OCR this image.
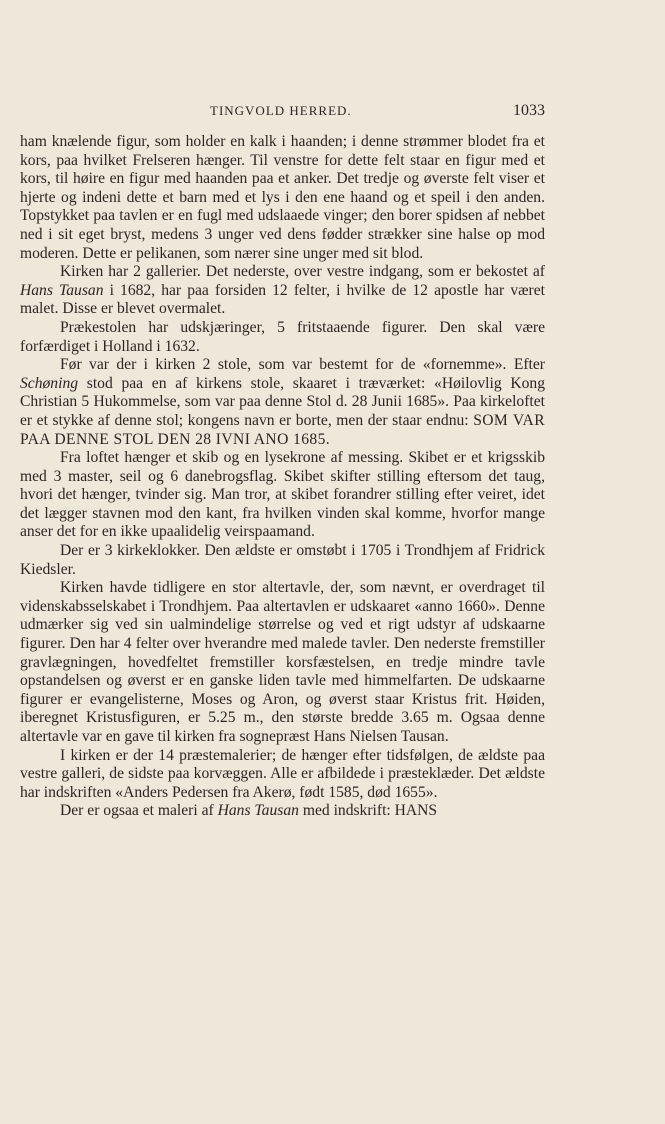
TINGVOLD HERRED.	1033

ham knælende figur, som holder en kalk i haanden; i denne strømmer blodet fra et kors, paa hvilket Frelseren hænger. Til venstre for dette felt staar en figur med et kors, til høire en figur med haanden paa et anker. Det tredje og øverste felt viser et hjerte og indeni dette et barn med et lys i den ene haand og et speil i den anden. Topstykket paa tavlen er en fugl med udslaaede vinger; den borer spidsen af nebbet ned i sit eget bryst, medens 3 unger ved dens fødder strækker sine halse op mod moderen. Dette er pelikanen, som nærer sine unger med sit blod.

Kirken har 2 gallerier. Det nederste, over vestre indgang, som er bekostet af Hans Tausan i 1682, har paa forsiden 12 felter, i hvilke de 12 apostle har været malet. Disse er blevet overmalet.

Prækestolen har udskjæringer, 5 fritstaaende figurer. Den skal være forfærdiget i Holland i 1632.

Før var der i kirken 2 stole, som var bestemt for de «fornemme». Efter Schøning stod paa en af kirkens stole, skaaret i træværket: «Høilovlig Kong Christian 5 Hukommelse, som var paa denne Stol d. 28 Junii 1685». Paa kirkeloftet er et stykke af denne stol; kongens navn er borte, men der staar endnu: SOM VAR PAA DENNE STOL DEN 28 IVNI ANO 1685.

Fra loftet hænger et skib og en lysekrone af messing. Skibet er et krigsskib med 3 master, seil og 6 danebrogsflag. Skibet skifter stilling eftersom det taug, hvori det hænger, tvinder sig. Man tror, at skibet forandrer stilling efter veiret, idet det lægger stavnen mod den kant, fra hvilken vinden skal komme, hvorfor mange anser det for en ikke upaalidelig veirspaamand.

Der er 3 kirkeklokker. Den ældste er omstøbt i 1705 i Trondhjem af Fridrick Kiedsler.

Kirken havde tidligere en stor altertavle, der, som nævnt, er overdraget til videnskabsselskabet i Trondhjem. Paa altertavlen er udskaaret «anno 1660». Denne udmærker sig ved sin ualmindelige størrelse og ved et rigt udstyr af udskaarne figurer. Den har 4 felter over hverandre med malede tavler. Den nederste fremstiller gravlægningen, hovedfeltet fremstiller korsfæstelsen, en tredje mindre tavle opstandelsen og øverst er en ganske liden tavle med himmelfarten. De udskaarne figurer er evangelisterne, Moses og Aron, og øverst staar Kristus frit. Høiden, iberegnet Kristusfiguren, er 5.25 m., den største bredde 3.65 m. Ogsaa denne altertavle var en gave til kirken fra sognepræst Hans Nielsen Tausan.

I kirken er der 14 præstemalerier; de hænger efter tidsfølgen, de ældste paa vestre galleri, de sidste paa korvæggen. Alle er afbildede i præsteklæder. Det ældste har indskriften «Anders Pedersen fra Akerø, født 1585, død 1655».

Der er ogsaa et maleri af Hans Tausan med indskrift: HANS
